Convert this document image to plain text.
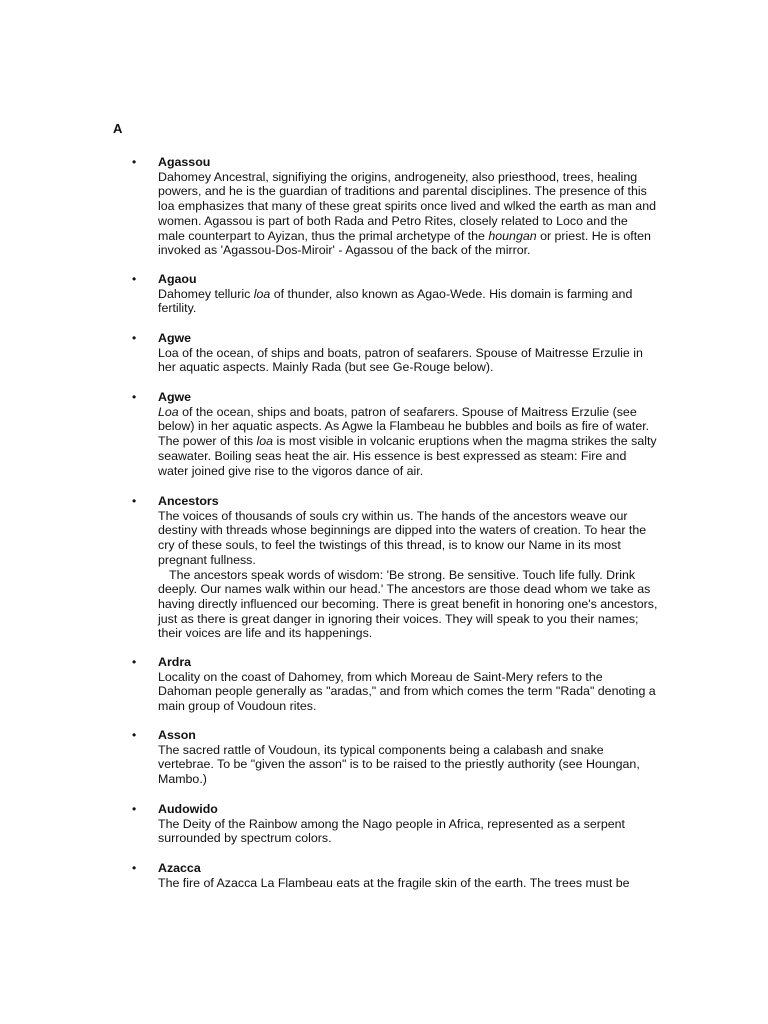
A
• Agassou
Dahomey Ancestral, signifiying the origins, androgeneity, also priesthood, trees, healing powers, and he is the guardian of traditions and parental disciplines. The presence of this loa emphasizes that many of these great spirits once lived and wlked the earth as man and women. Agassou is part of both Rada and Petro Rites, closely related to Loco and the male counterpart to Ayizan, thus the primal archetype of the houngan or priest. He is often invoked as 'Agassou-Dos-Miroir' - Agassou of the back of the mirror.
• Agaou
Dahomey telluric loa of thunder, also known as Agao-Wede. His domain is farming and fertility.
• Agwe
Loa of the ocean, of ships and boats, patron of seafarers. Spouse of Maitresse Erzulie in her aquatic aspects. Mainly Rada (but see Ge-Rouge below).
• Agwe
Loa of the ocean, ships and boats, patron of seafarers. Spouse of Maitress Erzulie (see below) in her aquatic aspects. As Agwe la Flambeau he bubbles and boils as fire of water. The power of this loa is most visible in volcanic eruptions when the magma strikes the salty seawater. Boiling seas heat the air. His essence is best expressed as steam: Fire and water joined give rise to the vigoros dance of air.
• Ancestors
The voices of thousands of souls cry within us. The hands of the ancestors weave our destiny with threads whose beginnings are dipped into the waters of creation. To hear the cry of these souls, to feel the twistings of this thread, is to know our Name in its most pregnant fullness.
The ancestors speak words of wisdom: 'Be strong. Be sensitive. Touch life fully. Drink deeply. Our names walk within our head.' The ancestors are those dead whom we take as having directly influenced our becoming. There is great benefit in honoring one's ancestors, just as there is great danger in ignoring their voices. They will speak to you their names; their voices are life and its happenings.
• Ardra
Locality on the coast of Dahomey, from which Moreau de Saint-Mery refers to the Dahoman people generally as "aradas," and from which comes the term "Rada" denoting a main group of Voudoun rites.
• Asson
The sacred rattle of Voudoun, its typical components being a calabash and snake vertebrae. To be "given the asson" is to be raised to the priestly authority (see Houngan, Mambo.)
• Audowido
The Deity of the Rainbow among the Nago people in Africa, represented as a serpent surrounded by spectrum colors.
• Azacca
The fire of Azacca La Flambeau eats at the fragile skin of the earth. The trees must be
